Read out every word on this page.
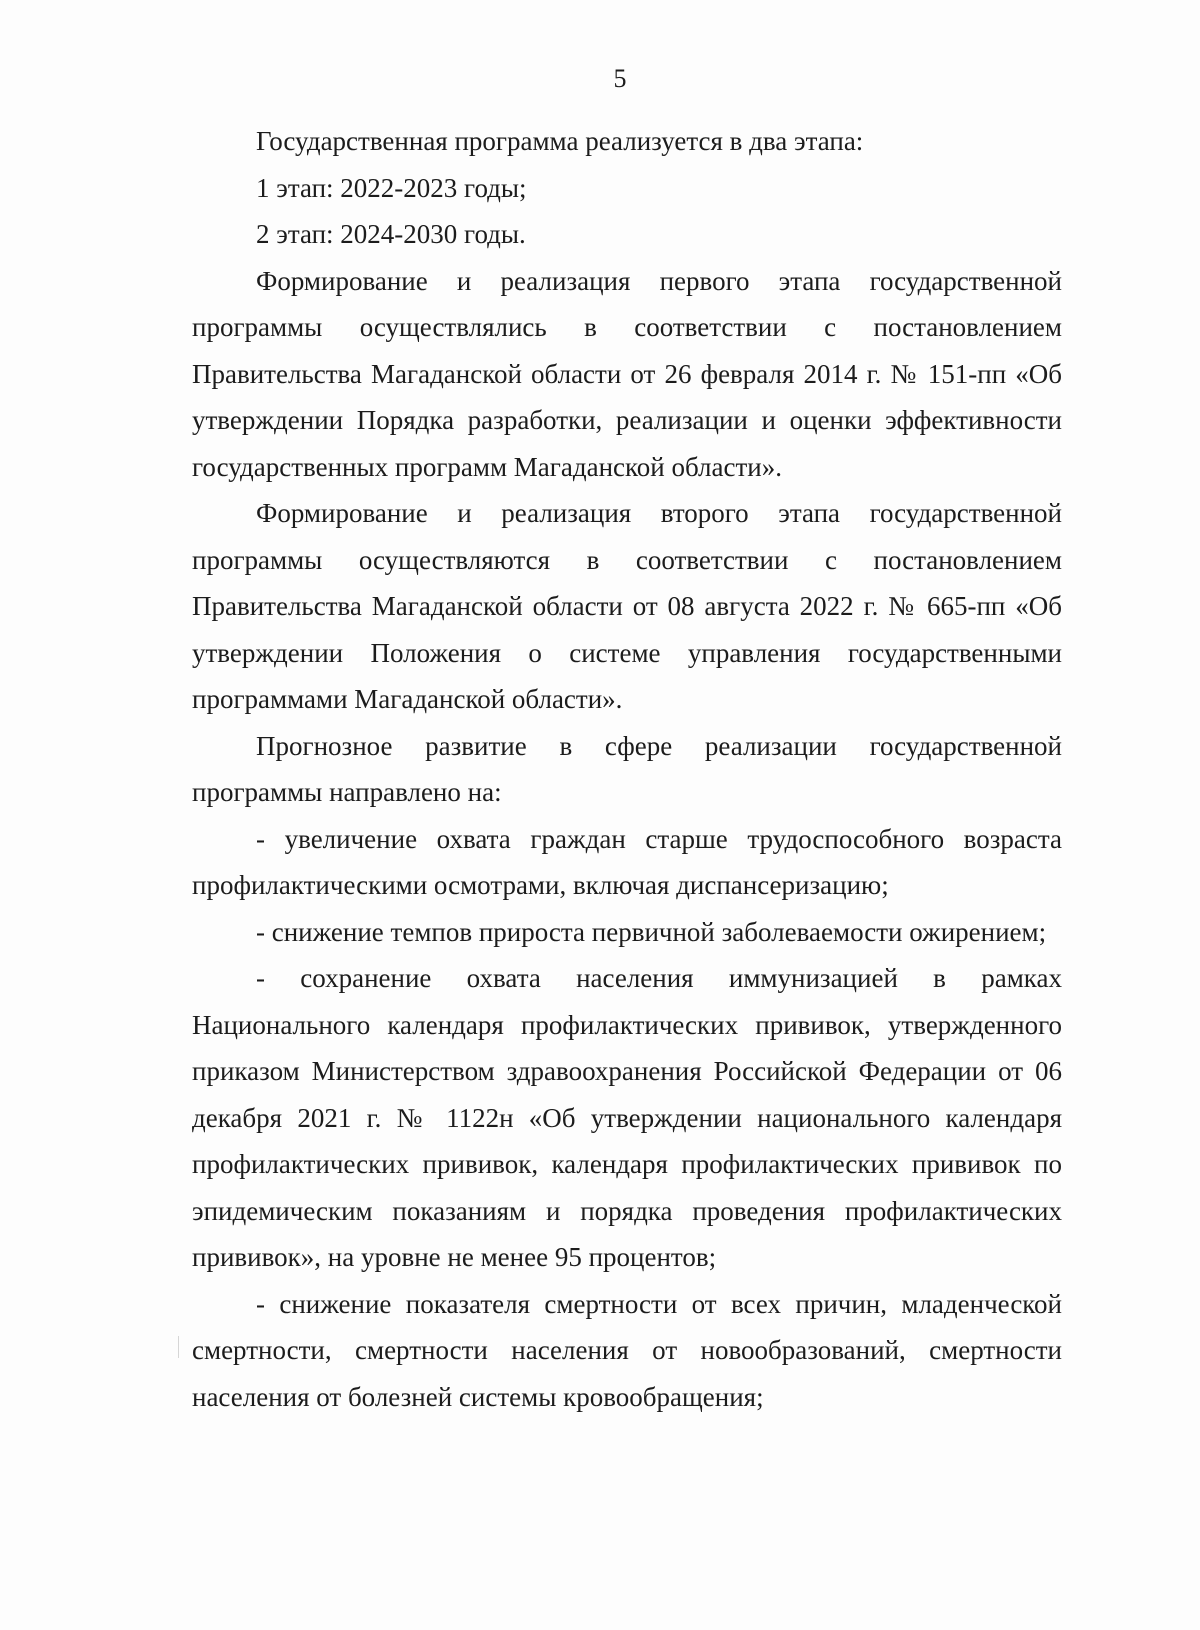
5

Государственная программа реализуется в два этапа:

1 этап: 2022-2023 годы;

2 этап: 2024-2030 годы.

Формирование и реализация первого этапа государственной программы осуществлялись в соответствии с постановлением Правительства Магаданской области от 26 февраля 2014 г. № 151-пп «Об утверждении Порядка разработки, реализации и оценки эффективности государственных программ Магаданской области».

Формирование и реализация второго этапа государственной программы осуществляются в соответствии с постановлением Правительства Магаданской области от 08 августа 2022 г. № 665-пп «Об утверждении Положения о системе управления государственными программами Магаданской области».

Прогнозное развитие в сфере реализации государственной программы направлено на:

- увеличение охвата граждан старше трудоспособного возраста профилактическими осмотрами, включая диспансеризацию;

- снижение темпов прироста первичной заболеваемости ожирением;

- сохранение охвата населения иммунизацией в рамках Национального календаря профилактических прививок, утвержденного приказом Министерством здравоохранения Российской Федерации от 06 декабря 2021 г. № 1122н «Об утверждении национального календаря профилактических прививок, календаря профилактических прививок по эпидемическим показаниям и порядка проведения профилактических прививок», на уровне не менее 95 процентов;

- снижение показателя смертности от всех причин, младенческой смертности, смертности населения от новообразований, смертности населения от болезней системы кровообращения;
